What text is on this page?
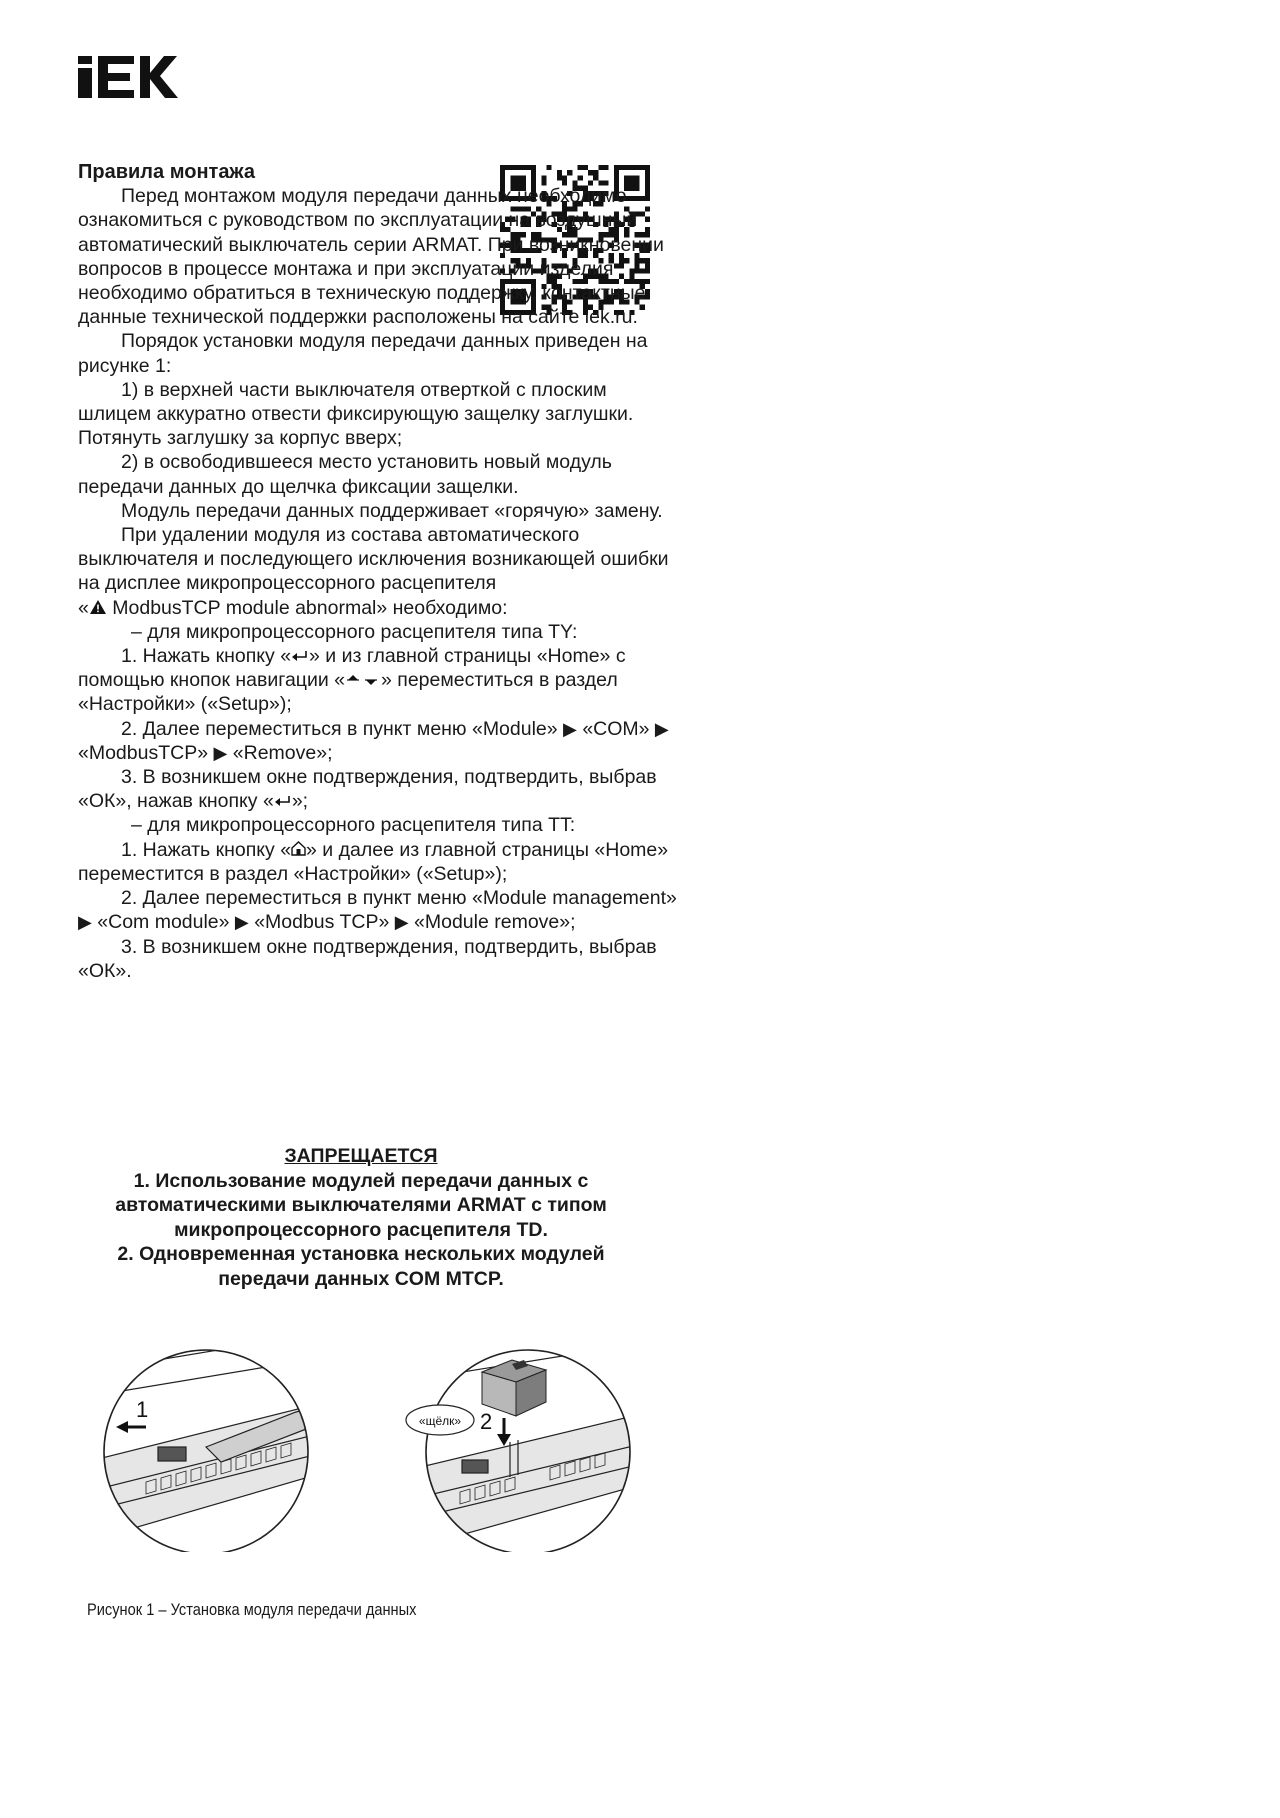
Правила монтажа

Перед монтажом модуля передачи данных необходимо ознакомиться с руководством по эксплуатации на воздушный автоматический выключатель серии ARMAT. При возникновении вопросов в процессе монтажа и при эксплуатации изделия необходимо обратиться в техническую поддержку, контактные данные технической поддержки расположены на сайте iek.ru.

Порядок установки модуля передачи данных приведен на рисунке 1:

1) в верхней части выключателя отверткой с плоским шлицем аккуратно отвести фиксирующую защелку заглушки. Потянуть заглушку за корпус вверх;

2) в освободившееся место установить новый модуль передачи данных до щелчка фиксации защелки.

Модуль передачи данных поддерживает «горячую» замену.

При удалении модуля из состава автоматического выключателя и последующего исключения возникающей ошибки на дисплее микропроцессорного расцепителя
« ModbusTCP module abnormal» необходимо:

– для микропроцессорного расцепителя типа TY:

1. Нажать кнопку « » и из главной страницы «Home» с помощью кнопок навигации « » переместиться в раздел «Настройки» («Setup»);

2. Далее переместиться в пункт меню «Module» ▶ «COM» ▶ «ModbusTCP» ▶ «Remove»;

3. В возникшем окне подтверждения, подтвердить, выбрав «ОК», нажав кнопку « »;

– для микропроцессорного расцепителя типа TT:

1. Нажать кнопку « » и далее из главной страницы «Home» переместится в раздел «Настройки» («Setup»);

2. Далее переместиться в пункт меню «Module management» ▶ «Com module» ▶ «Modbus TCP» ▶ «Module remove»;

3. В возникшем окне подтверждения, подтвердить, выбрав «ОК».

ЗАПРЕЩАЕТСЯ
1. Использование модулей передачи данных с автоматическими выключателями ARMAT с типом микропроцессорного расцепителя TD.
2. Одновременная установка нескольких модулей передачи данных COM MTCP.
1	«щёлк» 2
Рисунок 1 – Установка модуля передачи данных
